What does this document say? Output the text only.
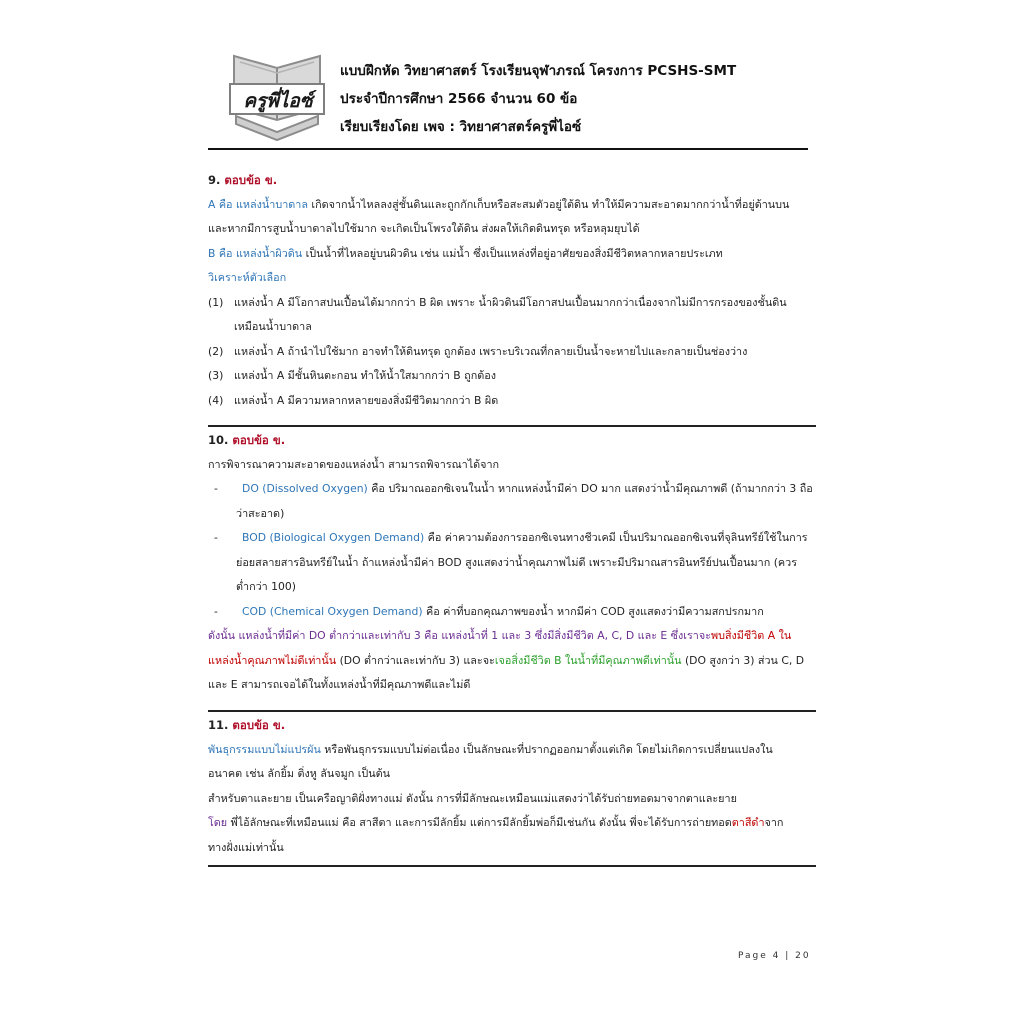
ครูพี่ไอซ์
แบบฝึกหัด วิทยาศาสตร์ โรงเรียนจุฬาภรณ์ โครงการ PCSHS-SMT
ประจำปีการศึกษา 2566 จำนวน 60 ข้อ
เรียบเรียงโดย เพจ : วิทยาศาสตร์ครูพี่ไอซ์
9. ตอบข้อ ข.
A คือ แหล่งน้ำบาดาล เกิดจากน้ำไหลลงสู่ชั้นดินและถูกกักเก็บหรือสะสมตัวอยู่ใต้ดิน ทำให้มีความสะอาดมากกว่าน้ำที่อยู่ด้านบน
และหากมีการสูบน้ำบาดาลไปใช้มาก จะเกิดเป็นโพรงใต้ดิน ส่งผลให้เกิดดินทรุด หรือหลุมยุบได้
B คือ แหล่งน้ำผิวดิน เป็นน้ำที่ไหลอยู่บนผิวดิน เช่น แม่น้ำ ซึ่งเป็นแหล่งที่อยู่อาศัยของสิ่งมีชีวิตหลากหลายประเภท
วิเคราะห์ตัวเลือก
(1) แหล่งน้ำ A มีโอกาสปนเปื้อนได้มากกว่า B ผิด เพราะ น้ำผิวดินมีโอกาสปนเปื้อนมากกว่าเนื่องจากไม่มีการกรองของชั้นดิน
เหมือนน้ำบาดาล
(2) แหล่งน้ำ A ถ้านำไปใช้มาก อาจทำให้ดินทรุด ถูกต้อง เพราะบริเวณที่กลายเป็นน้ำจะหายไปและกลายเป็นช่องว่าง
(3) แหล่งน้ำ A มีชั้นหินตะกอน ทำให้น้ำใสมากกว่า B ถูกต้อง
(4) แหล่งน้ำ A มีความหลากหลายของสิ่งมีชีวิตมากกว่า B ผิด
10. ตอบข้อ ข.
การพิจารณาความสะอาดของแหล่งน้ำ สามารถพิจารณาได้จาก
- DO (Dissolved Oxygen) คือ ปริมาณออกซิเจนในน้ำ หากแหล่งน้ำมีค่า DO มาก แสดงว่าน้ำมีคุณภาพดี (ถ้ามากกว่า 3 ถือ
ว่าสะอาด)
- BOD (Biological Oxygen Demand) คือ ค่าความต้องการออกซิเจนทางชีวเคมี เป็นปริมาณออกซิเจนที่จุลินทรีย์ใช้ในการ
ย่อยสลายสารอินทรีย์ในน้ำ ถ้าแหล่งน้ำมีค่า BOD สูงแสดงว่าน้ำคุณภาพไม่ดี เพราะมีปริมาณสารอินทรีย์ปนเปื้อนมาก (ควร
ต่ำกว่า 100)
- COD (Chemical Oxygen Demand) คือ ค่าที่บอกคุณภาพของน้ำ หากมีค่า COD สูงแสดงว่ามีความสกปรกมาก
ดังนั้น แหล่งน้ำที่มีค่า DO ต่ำกว่าและเท่ากับ 3 คือ แหล่งน้ำที่ 1 และ 3 ซึ่งมีสิ่งมีชีวิต A, C, D และ E ซึ่งเราจะพบสิ่งมีชีวิต A ใน
แหล่งน้ำคุณภาพไม่ดีเท่านั้น (DO ต่ำกว่าและเท่ากับ 3) และจะเจอสิ่งมีชีวิต B ในน้ำที่มีคุณภาพดีเท่านั้น (DO สูงกว่า 3) ส่วน C, D
และ E สามารถเจอได้ในทั้งแหล่งน้ำที่มีคุณภาพดีและไม่ดี
11. ตอบข้อ ข.
พันธุกรรมแบบไม่แปรผัน หรือพันธุกรรมแบบไม่ต่อเนื่อง เป็นลักษณะที่ปรากฏออกมาตั้งแต่เกิด โดยไม่เกิดการเปลี่ยนแปลงใน
อนาคต เช่น ลักยิ้ม ติ่งหู ลันจมูก เป็นต้น
สำหรับตาและยาย เป็นเครือญาติฝั่งทางแม่ ดังนั้น การที่มีลักษณะเหมือนแม่แสดงว่าได้รับถ่ายทอดมาจากตาและยาย
โดย พี่ไอ้ลักษณะที่เหมือนแม่ คือ สาสีตา และการมีลักยิ้ม แต่การมีลักยิ้มพ่อก็มีเช่นกัน ดังนั้น พี่จะได้รับการถ่ายทอดตาสีดำจาก
ทางฝั่งแม่เท่านั้น
Page 4 | 20
